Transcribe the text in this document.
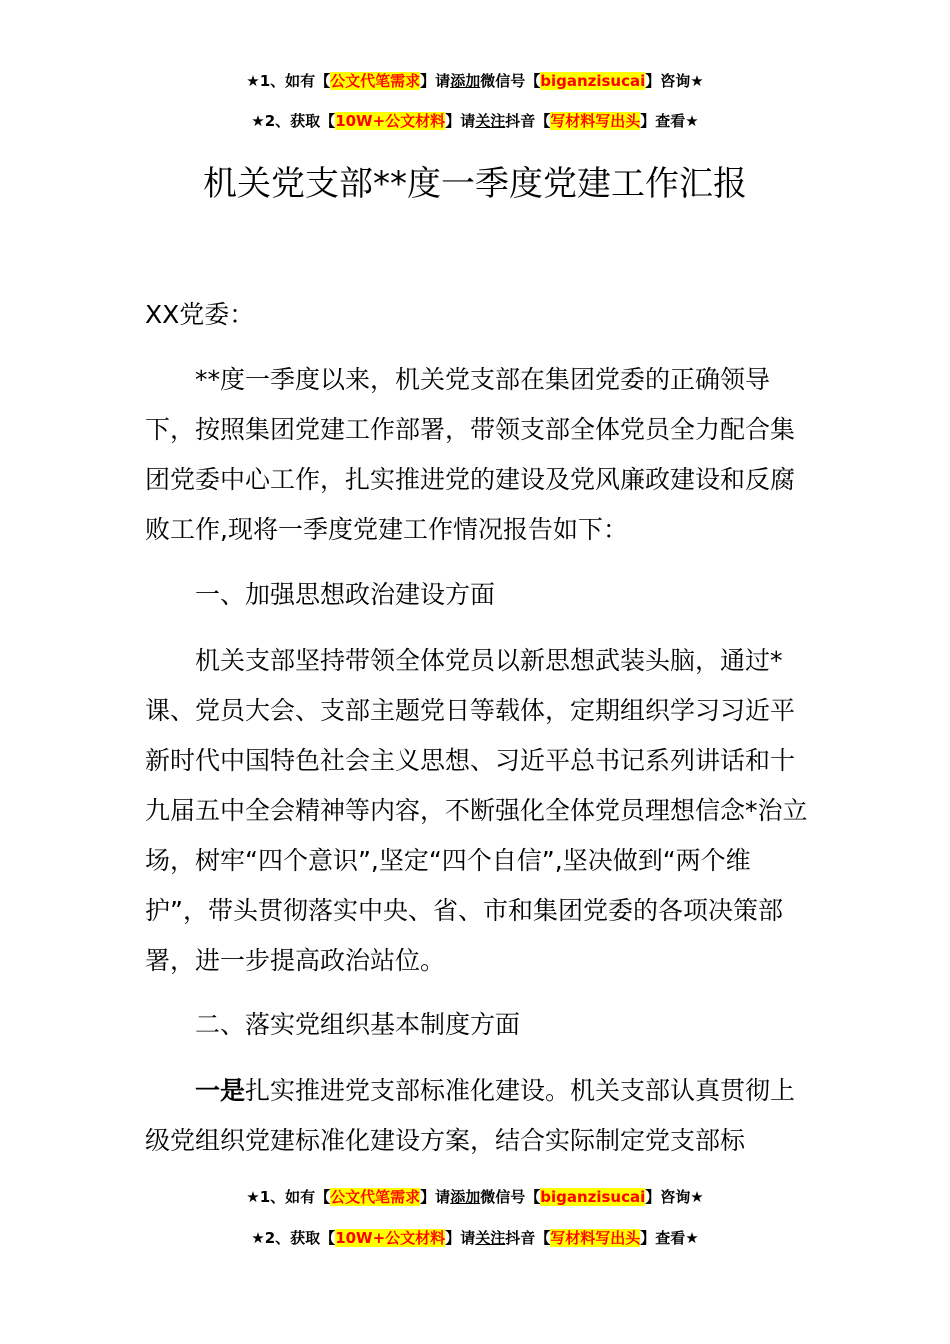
★1、如有【公文代笔需求】请添加微信号【biganzisucai】咨询★
★2、获取【10W+公文材料】请关注抖音【写材料写出头】查看★
机关党支部**度一季度党建工作汇报
XX党委：

**度一季度以来，机关党支部在集团党委的正确领导下，按照集团党建工作部署，带领支部全体党员全力配合集团党委中心工作，扎实推进党的建设及党风廉政建设和反腐败工作,现将一季度党建工作情况报告如下：

一、加强思想政治建设方面

机关支部坚持带领全体党员以新思想武装头脑，通过*课、党员大会、支部主题党日等载体，定期组织学习习近平新时代中国特色社会主义思想、习近平总书记系列讲话和十九届五中全会精神等内容，不断强化全体党员理想信念*治立场，树牢“四个意识”,坚定“四个自信”,坚决做到“两个维护”，带头贯彻落实中央、省、市和集团党委的各项决策部署，进一步提高政治站位。

二、落实党组织基本制度方面

一是扎实推进党支部标准化建设。机关支部认真贯彻上级党组织党建标准化建设方案，结合实际制定党支部标

★1、如有【公文代笔需求】请添加微信号【biganzisucai】咨询★
★2、获取【10W+公文材料】请关注抖音【写材料写出头】查看★
